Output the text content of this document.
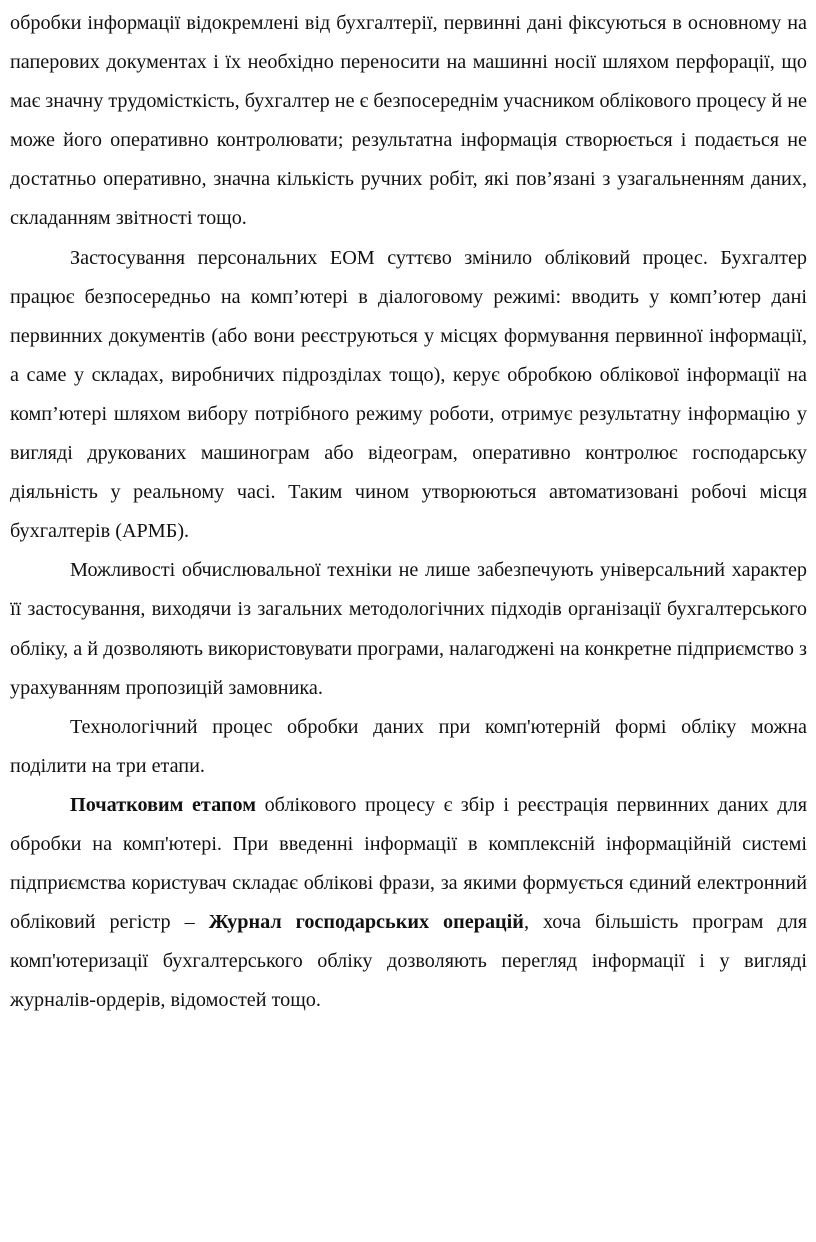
обробки інформації відокремлені від бухгалтерії, первинні дані фіксуються в основному на паперових документах і їх необхідно переносити на машинні носії шляхом перфорації, що має значну трудомісткість, бухгалтер не є безпосереднім учасником облікового процесу й не може його оперативно контролювати; результатна інформація створюється і подається не достатньо оперативно, значна кількість ручних робіт, які пов’язані з узагальненням даних, складанням звітності тощо.

Застосування персональних ЕОМ суттєво змінило обліковий процес. Бухгалтер працює безпосередньо на комп’ютері в діалоговому режимі: вводить у комп’ютер дані первинних документів (або вони реєструються у місцях формування первинної інформації, а саме у складах, виробничих підрозділах тощо), керує обробкою облікової інформації на комп’ютері шляхом вибору потрібного режиму роботи, отримує результатну інформацію у вигляді друкованих машинограм або відеограм, оперативно контролює господарську діяльність у реальному часі. Таким чином утворюються автоматизовані робочі місця бухгалтерів (АРМБ).

Можливості обчислювальної техніки не лише забезпечують універсальний характер її застосування, виходячи із загальних методологічних підходів організації бухгалтерського обліку, а й дозволяють використовувати програми, налагоджені на конкретне підприємство з урахуванням пропозицій замовника.

Технологічний процес обробки даних при комп'ютерній формі обліку можна поділити на три етапи.

Початковим етапом облікового процесу є збір і реєстрація первинних даних для обробки на комп'ютері. При введенні інформації в комплексній інформаційній системі підприємства користувач складає облікові фрази, за якими формується єдиний електронний обліковий регістр – Журнал господарських операцій, хоча більшість програм для комп'ютеризації бухгалтерського обліку дозволяють перегляд інформації і у вигляді журналів-ордерів, відомостей тощо.
